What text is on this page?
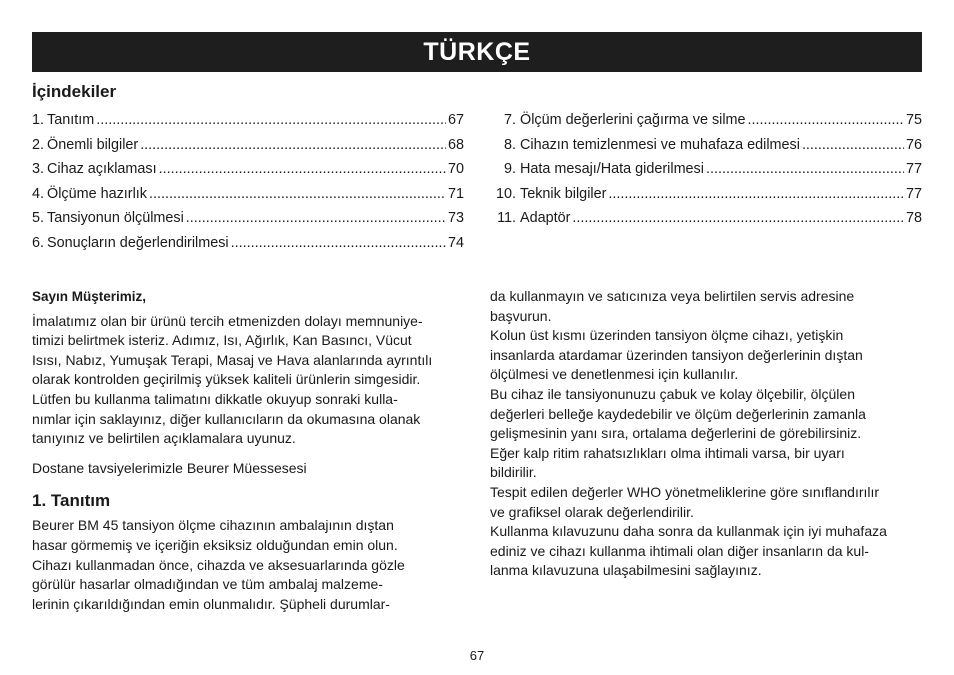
TÜRKÇE
İçindekiler
1. Tanıtım .....	67
2. Önemli bilgiler .....	68
3. Cihaz açıklaması .....	70
4. Ölçüme hazırlık .....	71
5. Tansiyonun ölçülmesi .....	73
6. Sonuçların değerlendirilmesi .....	74
7. Ölçüm değerlerini çağırma ve silme .....	75
8. Cihazın temizlenmesi ve muhafaza edilmesi .....	76
9. Hata mesajı/Hata giderilmesi .....	77
10. Teknik bilgiler .....	77
11. Adaptör .....	78

Sayın Müşterimiz,

İmalatımız olan bir ürünü tercih etmenizden dolayı memnuniye-

timizi belirtmek isteriz. Adımız, Isı, Ağırlık, Kan Basıncı, Vücut

Isısı, Nabız, Yumuşak Terapi, Masaj ve Hava alanlarında ayrıntılı

olarak kontrolden geçirilmiş yüksek kaliteli ürünlerin simgesidir.

Lütfen bu kullanma talimatını dikkatle okuyup sonraki kulla-

nımlar için saklayınız, diğer kullanıcıların da okumasına olanak

tanıyınız ve belirtilen açıklamalara uyunuz.

Dostane tavsiyelerimizle Beurer Müessesesi

1. Tanıtım

Beurer BM 45 tansiyon ölçme cihazının ambalajının dıştan

hasar görmemiş ve içeriğin eksiksiz olduğundan emin olun.

Cihazı kullanmadan önce, cihazda ve aksesuarlarında gözle

görülür hasarlar olmadığından ve tüm ambalaj malzeme-

lerinin çıkarıldığından emin olunmalıdır. Şüpheli durumlar-

da kullanmayın ve satıcınıza veya belirtilen servis adresine

başvurun.

Kolun üst kısmı üzerinden tansiyon ölçme cihazı, yetişkin

insanlarda atardamar üzerinden tansiyon değerlerinin dıştan

ölçülmesi ve denetlenmesi için kullanılır.

Bu cihaz ile tansiyonunuzu çabuk ve kolay ölçebilir, ölçülen

değerleri belleğe kaydedebilir ve ölçüm değerlerinin zamanla

gelişmesinin yanı sıra, ortalama değerlerini de görebilirsiniz.

Eğer kalp ritim rahatsızlıkları olma ihtimali varsa, bir uyarı

bildirilir.

Tespit edilen değerler WHO yönetmeliklerine göre sınıflandırılır

ve grafiksel olarak değerlendirilir.

Kullanma kılavuzunu daha sonra da kullanmak için iyi muhafaza

ediniz ve cihazı kullanma ihtimali olan diğer insanların da kul-

lanma kılavuzuna ulaşabilmesini sağlayınız.

67
